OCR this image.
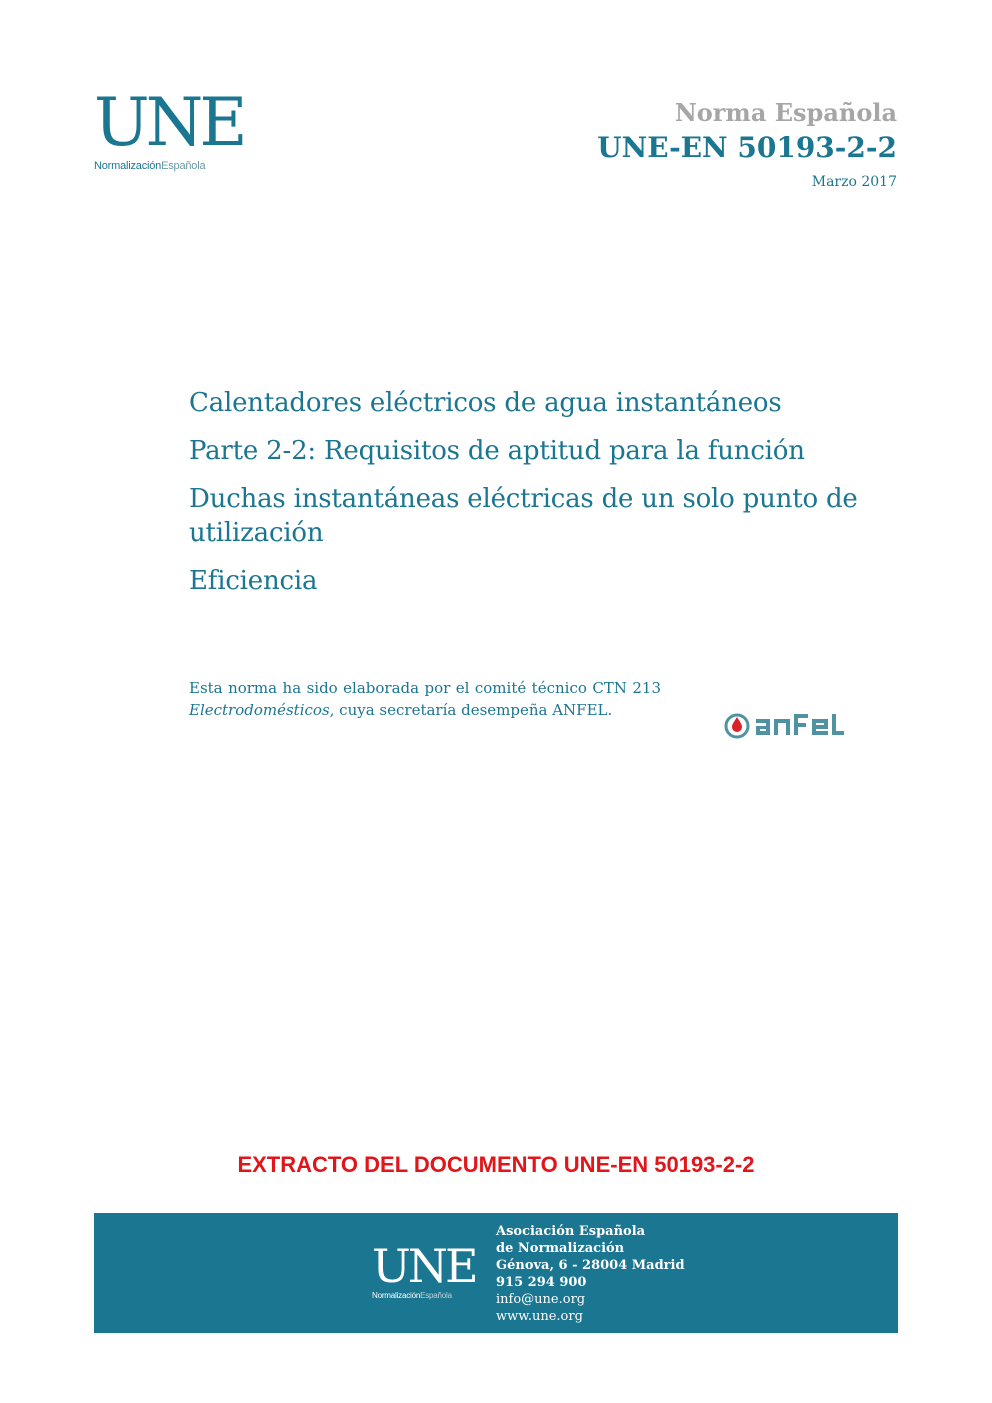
UNE
NormalizaciónEspañola
Norma Española
UNE-EN 50193-2-2
Marzo 2017
Calentadores eléctricos de agua instantáneos
Parte 2-2: Requisitos de aptitud para la función
Duchas instantáneas eléctricas de un solo punto de utilización
Eficiencia
Esta norma ha sido elaborada por el comité técnico CTN 213 Electrodomésticos, cuya secretaría desempeña ANFEL.
EXTRACTO DEL DOCUMENTO UNE-EN 50193-2-2
UNE
NormalizaciónEspañola
Asociación Española
de Normalización
Génova, 6 - 28004 Madrid
915 294 900
info@une.org
www.une.org
